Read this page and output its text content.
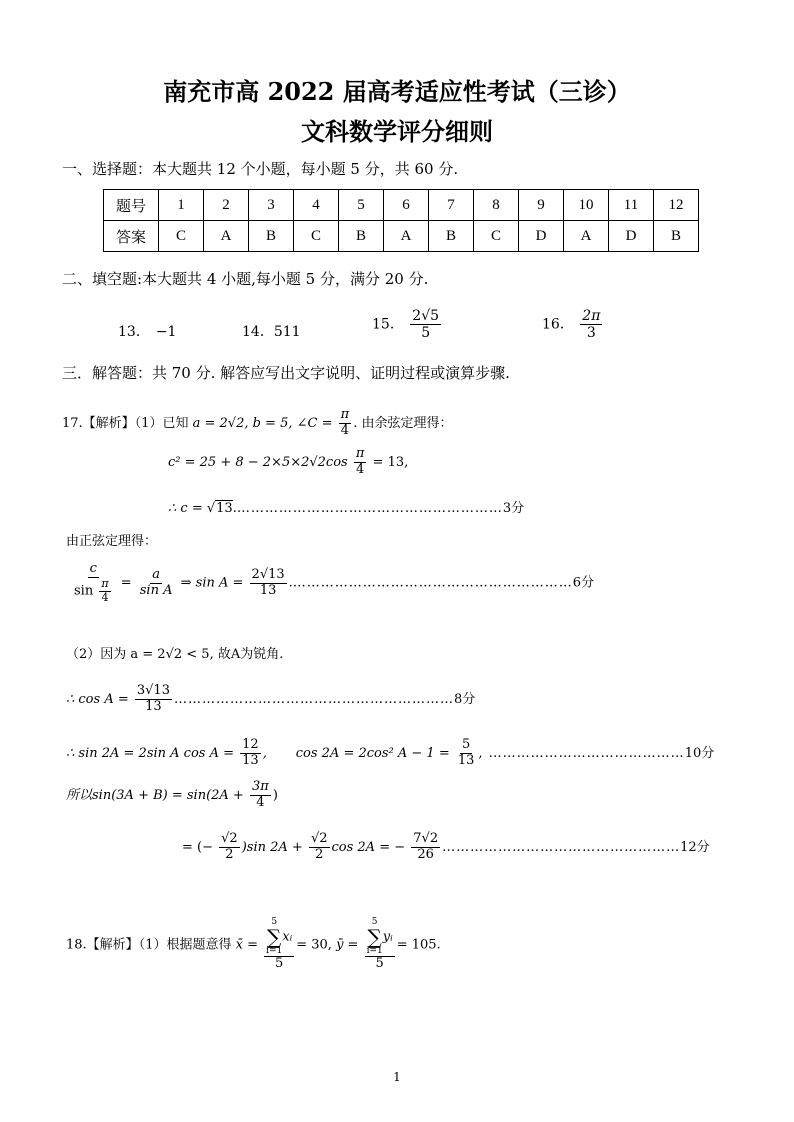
南充市高 2022 届高考适应性考试（三诊）
文科数学评分细则
一、选择题：本大题共 12 个小题，每小题 5 分，共 60 分.
题号	1	2	3	4	5	6	7	8	9	10	11	12
答案	C	A	B	C	B	A	B	C	D	A	D	B
二、填空题:本大题共 4 小题,每小题 5 分，满分 20 分.
13． −1	14．511	15． $\frac{2√5}{5}$	16． $\frac{2\pi}{3}$
三．解答题：共 70 分. 解答应写出文字说明、证明过程或演算步骤.
17.【解析】（1）已知 a = 2√2, b = 5, ∠C = $\frac{\pi}{4}$ . 由余弦定理得：
$c^2 = 25 + 8 - 2\times 5\times 2√2\cos \frac{\pi}{4} = 13$,
∴ c = √13.…………………………………………………3分
由正弦定理得：
$\frac{c}{\sin \frac{\pi}{4}} = \frac{a}{\text{sin A}}$ ⇒ $\sin A = \frac{2√13}{13}$ .……………………………………………………6分
（2）因为 a = 2√2 < 5, 故A为锐角.
∴ $\cos A = \frac{3√13}{13}$ ……………………………………………………8分
∴ sin 2A = 2sin A $\cos A = \frac{12}{13}$ ,       cos 2A = 2cos² $A - 1 = \frac{5}{13}$ , ……………………………………10分
所以$\sin(3A + B) = \sin(2A + \frac{3\pi}{4}$ )
= (− $\frac{√2}{2} )\sin$ $2A + \frac{√2}{2}$ cos 2A = − $\frac{7√2}{26}$ ……………………………………………12分
18.【解析】（1）根据题意得 x̄ = 5
∑
i=1
xᵢ
5 = 30, ȳ = 5
∑
i=1
yᵢ
5 = 105.
1
